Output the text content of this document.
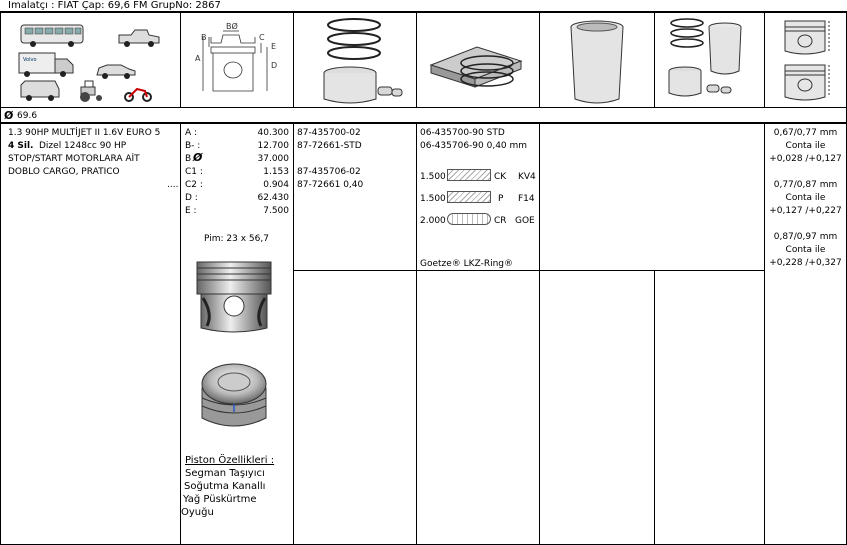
Imalatçı : FIAT Çap: 69,6 FM GrupNo: 2867
Volvo
BØ
B
A
C
E
D
Ø 69.6
1.3 90HP MULTİJET II 1.6V EURO 5
4 Sil. Dizel 1248cc 90 HP
STOP/START MOTORLARA AİT
DOBLO CARGO, PRATICO
....
A :	40.300
B- :	12.700
B Ø	37.000
C1 :	1.153
C2 :	0.904
D :	62.430
E :	7.500
Pim: 23 x 56,7
Piston Özellikleri :
Segman Taşıyıcı
Soğutma Kanallı
Yağ Püskürtme
Oyuğu
87-435700-02
87-72661-STD
87-435706-02
87-72661 0,40
06-435700-90 STD
06-435706-90 0,40 mm
1.500	CK KV4
1.500	P F14
2.000	CR GOE
Goetze® LKZ-Ring®
0,67/0,77 mm
Conta ile
+0,028 /+0,127
0,77/0,87 mm
Conta ile
+0,127 /+0,227
0,87/0,97 mm
Conta ile
+0,228 /+0,327
